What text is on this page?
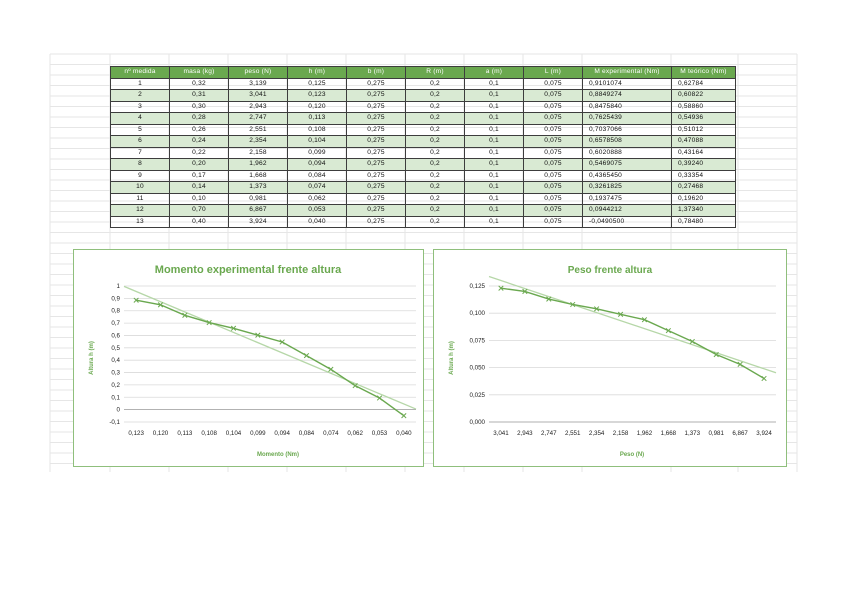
nº medida	masa (kg)	peso (N)	h (m)	b (m)	R (m)	a (m)	L (m)	M experimental (Nm)	M teórico (Nm)
1	0,32	3,139	0,125	0,275	0,2	0,1	0,075	0,9101074	0,62784
2	0,31	3,041	0,123	0,275	0,2	0,1	0,075	0,8849274	0,60822
3	0,30	2,943	0,120	0,275	0,2	0,1	0,075	0,8475840	0,58860
4	0,28	2,747	0,113	0,275	0,2	0,1	0,075	0,7625439	0,54936
5	0,26	2,551	0,108	0,275	0,2	0,1	0,075	0,7037066	0,51012
6	0,24	2,354	0,104	0,275	0,2	0,1	0,075	0,6578508	0,47088
7	0,22	2,158	0,099	0,275	0,2	0,1	0,075	0,6020888	0,43164
8	0,20	1,962	0,094	0,275	0,2	0,1	0,075	0,5469075	0,39240
9	0,17	1,668	0,084	0,275	0,2	0,1	0,075	0,4365450	0,33354
10	0,14	1,373	0,074	0,275	0,2	0,1	0,075	0,3261825	0,27468
11	0,10	0,981	0,062	0,275	0,2	0,1	0,075	0,1937475	0,19620
12	0,70	6,867	0,053	0,275	0,2	0,1	0,075	0,0944212	1,37340
13	0,40	3,924	0,040	0,275	0,2	0,1	0,075	-0,0490500	0,78480
Momento experimental frente altura
Momento (Nm)
Altura h (m)
-0,1
0
0,1
0,2
0,3
0,4
0,5
0,6
0,7
0,8
0,9
1
0,123 0,120 0,113 0,108 0,104 0,099 0,094 0,084 0,074 0,062 0,053 0,040
Peso frente altura
Peso (N)
Altura h (m)
0,000
0,025
0,050
0,075
0,100
0,125
3,041 2,943 2,747 2,551 2,354 2,158 1,962 1,668 1,373 0,981 6,867 3,924
